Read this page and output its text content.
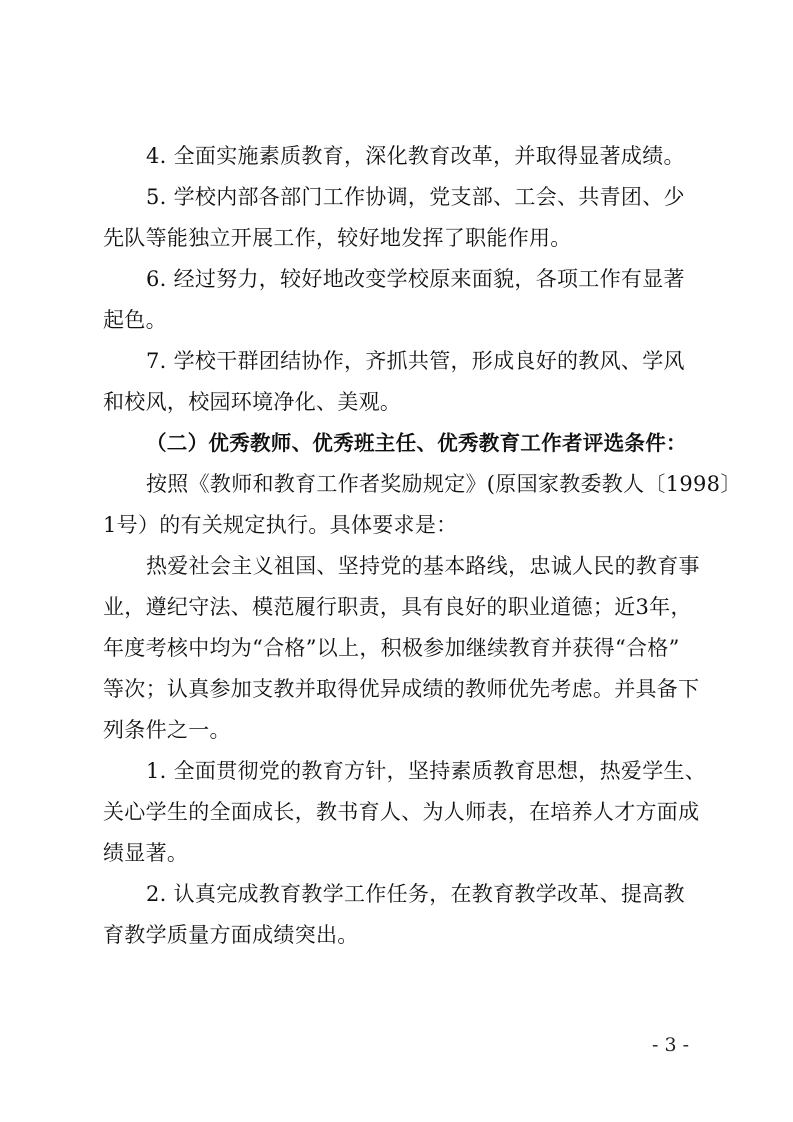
4. 全面实施素质教育，深化教育改革，并取得显著成绩。
5. 学校内部各部门工作协调，党支部、工会、共青团、少
先队等能独立开展工作，较好地发挥了职能作用。
6. 经过努力，较好地改变学校原来面貌，各项工作有显著
起色。
7. 学校干群团结协作，齐抓共管，形成良好的教风、学风
和校风，校园环境净化、美观。
（二）优秀教师、优秀班主任、优秀教育工作者评选条件：
按照《教师和教育工作者奖励规定》(原国家教委教人〔1998〕
1号）的有关规定执行。具体要求是：
热爱社会主义祖国、坚持党的基本路线，忠诚人民的教育事
业，遵纪守法、模范履行职责，具有良好的职业道德；近3年，
年度考核中均为“合格”以上，积极参加继续教育并获得“合格”
等次；认真参加支教并取得优异成绩的教师优先考虑。并具备下
列条件之一。
1. 全面贯彻党的教育方针，坚持素质教育思想，热爱学生、
关心学生的全面成长，教书育人、为人师表，在培养人才方面成
绩显著。
2. 认真完成教育教学工作任务，在教育教学改革、提高教
育教学质量方面成绩突出。
- 3 -
